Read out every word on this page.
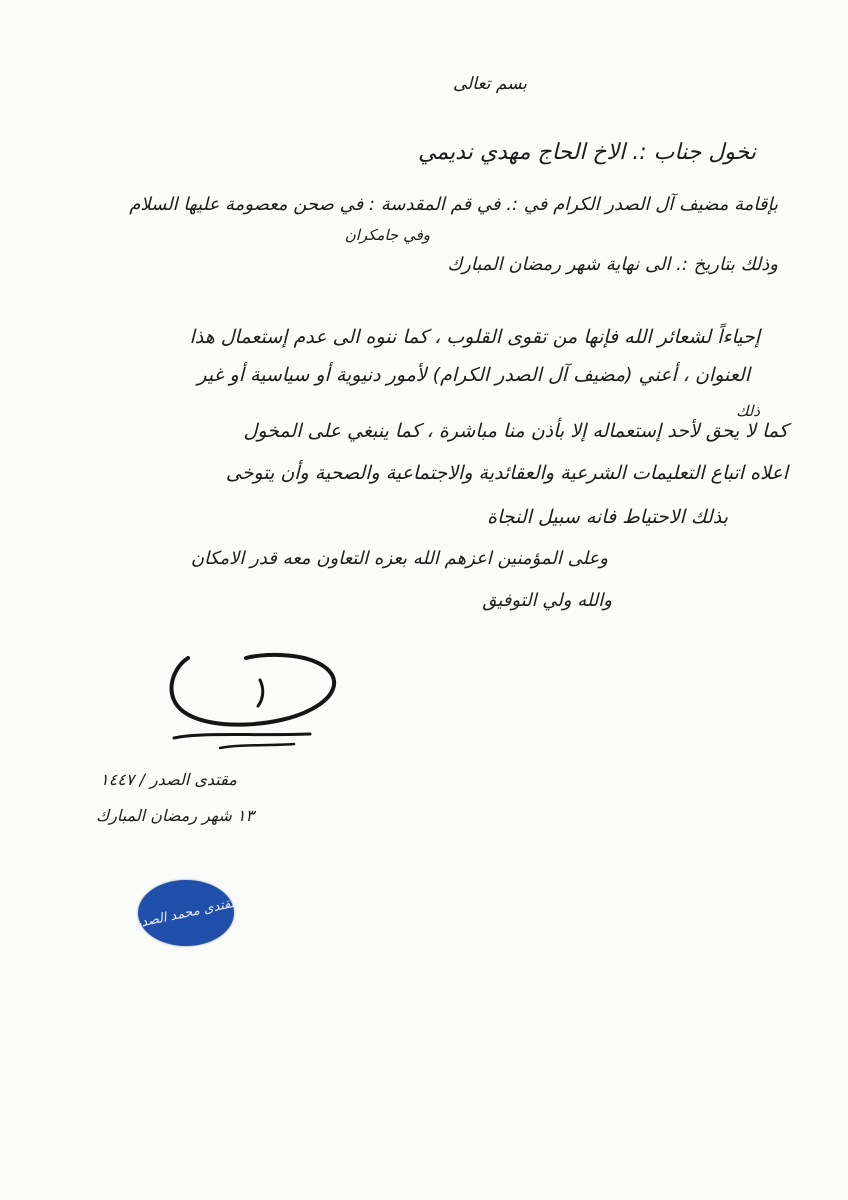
بسم تعالى
نخول جناب :. الاخ الحاج مهدي نديمي
بإقامة مضيف آل الصدر الكرام في :. في قم المقدسة : في صحن معصومة عليها السلام
وفي جامكران
وذلك بتاريخ :. الى نهاية شهر رمضان المبارك
إحياءاً لشعائر الله فإنها من تقوى القلوب ، كما ننوه الى عدم إستعمال هذا
العنوان ، أعني (مضيف آل الصدر الكرام) لأمور دنيوية أو سياسية أو غير
ذلك
كما لا يحق لأحد إستعماله إلا بأذن منا مباشرة ، كما ينبغي على المخول
اعلاه اتباع التعليمات الشرعية والعقائدية والاجتماعية والصحية وأن يتوخى
بذلك الاحتياط فانه سبيل النجاة
وعلى المؤمنين اعزهم الله بعزه التعاون معه قدر الامكان
والله ولي التوفيق
مقتدى الصدر / ١٤٤٧
١٣ شهر رمضان المبارك
مقتدى محمد الصدر
